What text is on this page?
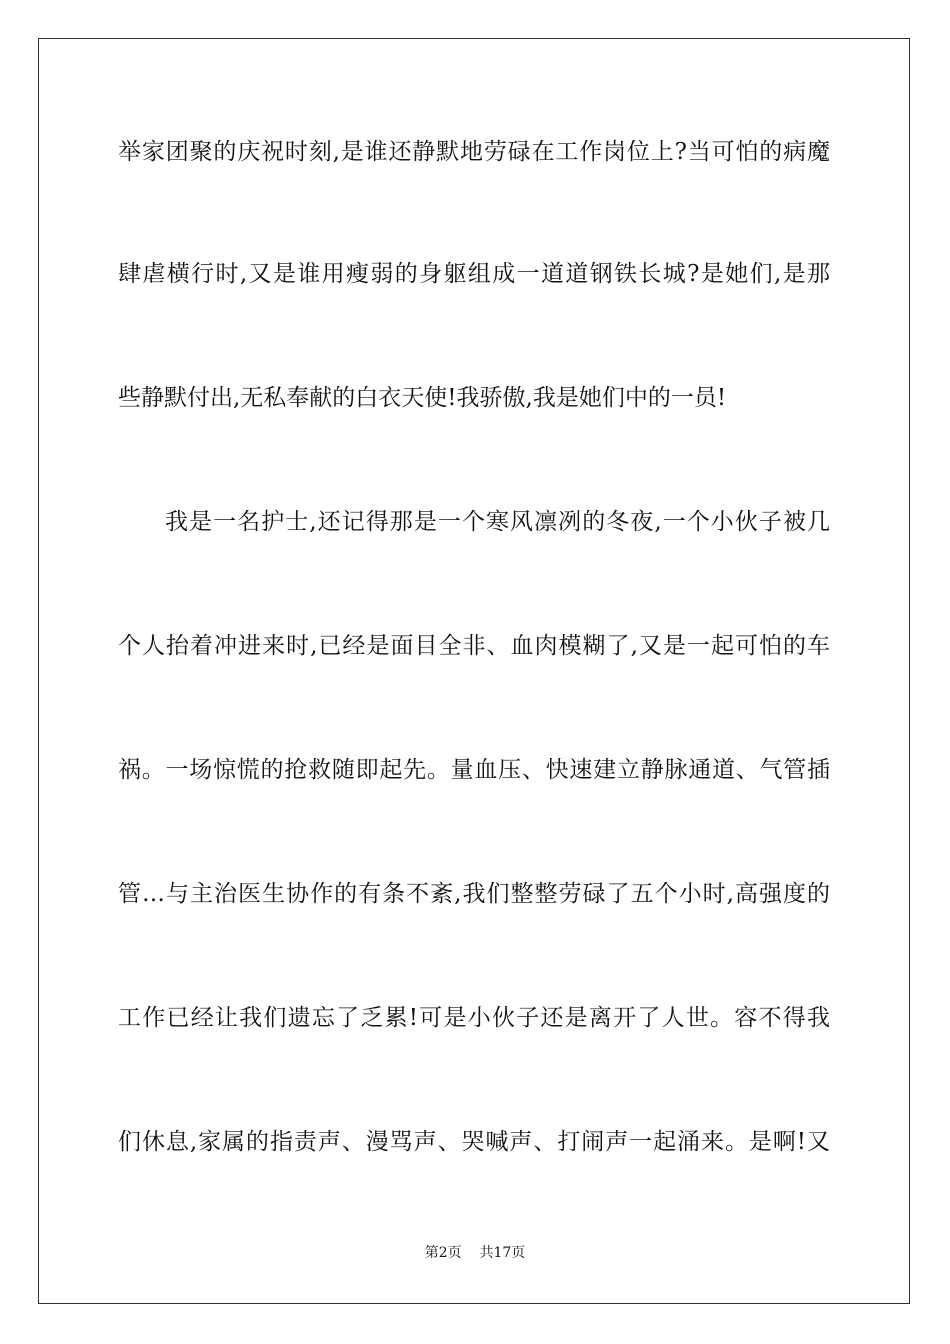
举家团聚的庆祝时刻,是谁还静默地劳碌在工作岗位上?当可怕的病魔
肆虐横行时,又是谁用瘦弱的身躯组成一道道钢铁长城?是她们,是那
些静默付出,无私奉献的白衣天使!我骄傲,我是她们中的一员!
我是一名护士,还记得那是一个寒风凛冽的冬夜,一个小伙子被几
个人抬着冲进来时,已经是面目全非、血肉模糊了,又是一起可怕的车
祸。一场惊慌的抢救随即起先。量血压、快速建立静脉通道、气管插
管…与主治医生协作的有条不紊,我们整整劳碌了五个小时,高强度的
工作已经让我们遗忘了乏累!可是小伙子还是离开了人世。容不得我
们休息,家属的指责声、漫骂声、哭喊声、打闹声一起涌来。是啊!又
第2页 共17页
